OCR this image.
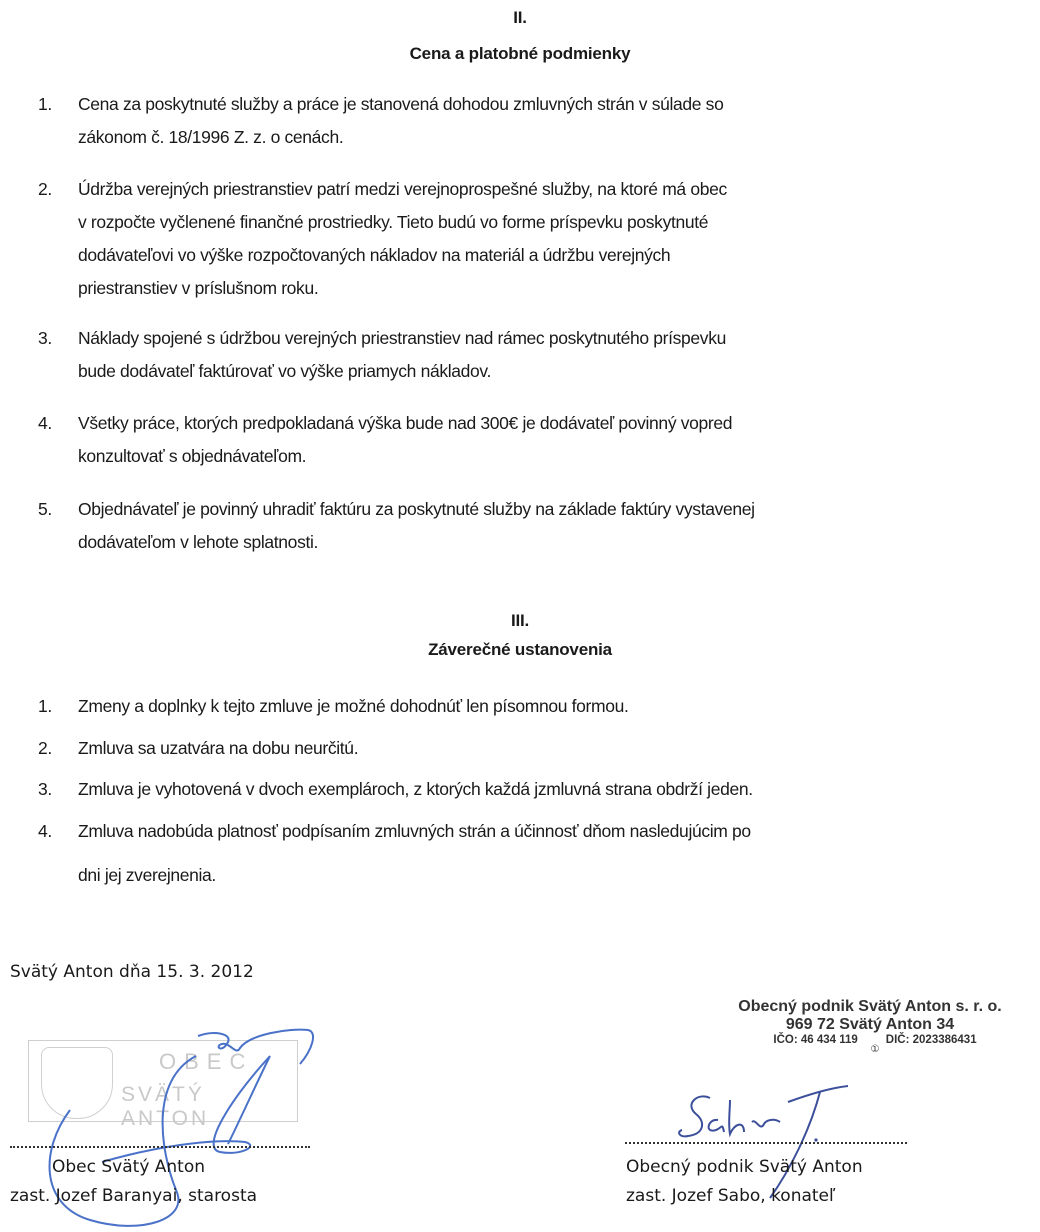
II.
Cena a platobné podmienky
1. Cena za poskytnuté služby a práce je stanovená dohodou zmluvných strán v súlade so
zákonom č. 18/1996 Z. z. o cenách.
2. Údržba verejných priestranstiev patrí medzi verejnoprospešné služby, na ktoré má obec
v rozpočte vyčlenené finančné prostriedky. Tieto budú vo forme príspevku poskytnuté
dodávateľovi vo výške rozpočtovaných nákladov na materiál a údržbu verejných
priestranstiev v príslušnom roku.
3. Náklady spojené s údržbou verejných priestranstiev nad rámec poskytnutého príspevku
bude dodávateľ faktúrovať vo výške priamych nákladov.
4. Všetky práce, ktorých predpokladaná výška bude nad 300€ je dodávateľ povinný vopred
konzultovať s objednávateľom.
5. Objednávateľ je povinný uhradiť faktúru za poskytnuté služby na základe faktúry vystavenej
dodávateľom v lehote splatnosti.
III.
Záverečné ustanovenia
1. Zmeny a doplnky k tejto zmluve je možné dohodnúť len písomnou formou.
2. Zmluva sa uzatvára na dobu neurčitú.
3. Zmluva je vyhotovená v dvoch exemplároch, z ktorých každá jzmluvná strana obdrží jeden.
4. Zmluva nadobúda platnosť podpísaním zmluvných strán a účinnosť dňom nasledujúcim po
dni jej zverejnenia.
Svätý Anton dňa 15. 3. 2012
OBEC
SVÄTÝ ANTON
Obec Svätý Anton
zast. Jozef Baranyai, starosta
Obecný podnik Svätý Anton s. r. o.
969 72 Svätý Anton 34
IČO: 46 434 119 DIČ: 2023386431
①
Obecný podnik Svätý Anton
zast. Jozef Sabo, konateľ
